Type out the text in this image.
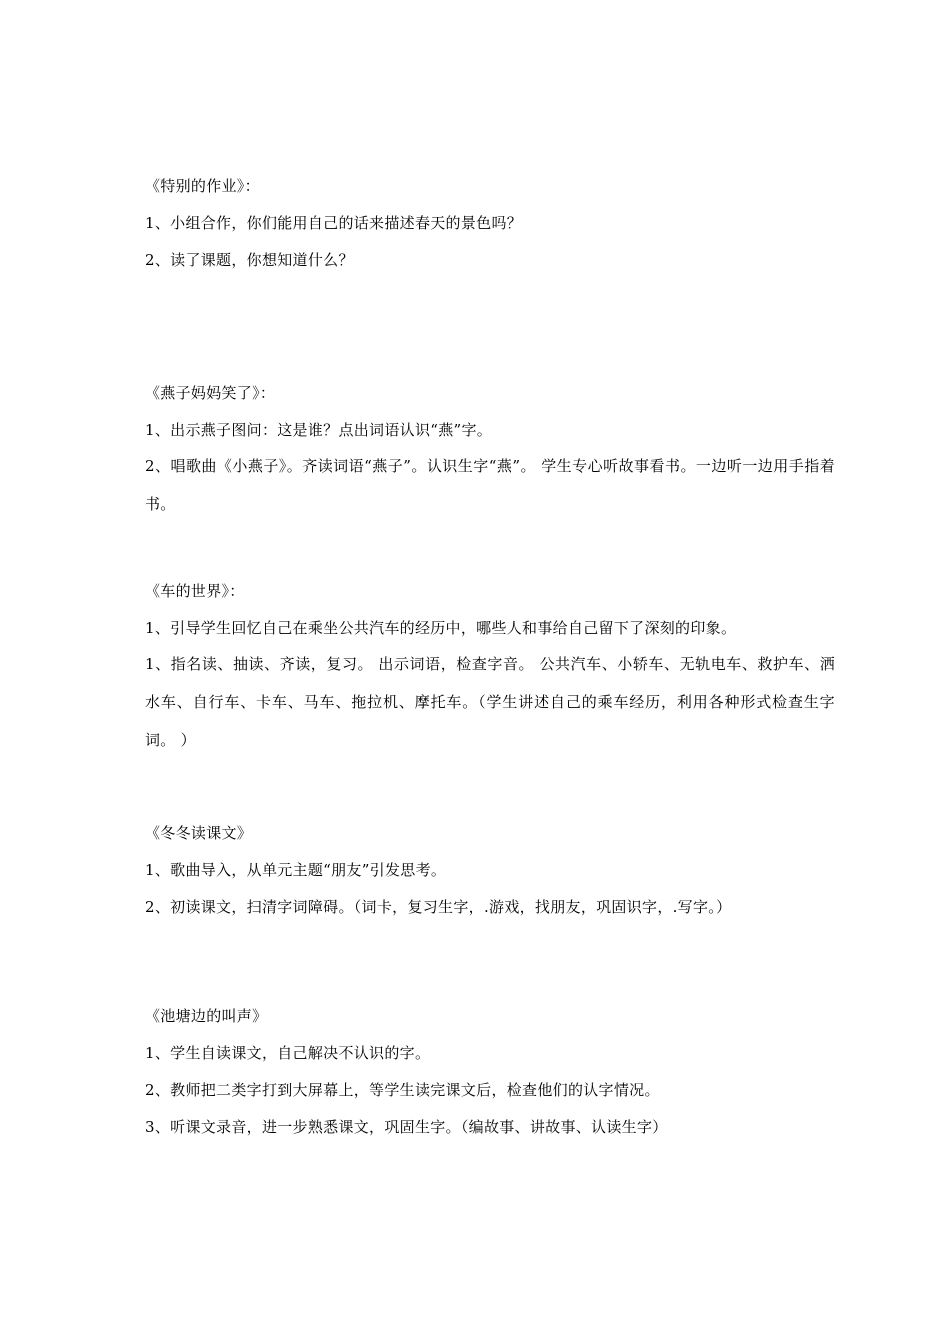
《特别的作业》：
1、小组合作，你们能用自己的话来描述春天的景色吗？
2、读了课题，你想知道什么？
《燕子妈妈笑了》：
1、出示燕子图问：这是谁？点出词语认识“燕”字。
2、唱歌曲《小燕子》。齐读词语“燕子”。认识生字“燕”。 学生专心听故事看书。一边听一边用手指着书。
《车的世界》：
1、引导学生回忆自己在乘坐公共汽车的经历中，哪些人和事给自己留下了深刻的印象。
1、指名读、抽读、齐读，复习。 出示词语，检查字音。 公共汽车、小轿车、无轨电车、救护车、洒水车、自行车、卡车、马车、拖拉机、摩托车。（学生讲述自己的乘车经历，利用各种形式检查生字词。 ）
《冬冬读课文》
1、歌曲导入，从单元主题“朋友”引发思考。
2、初读课文，扫清字词障碍。（词卡，复习生字，.游戏，找朋友，巩固识字，.写字。）
《池塘边的叫声》
1、学生自读课文，自己解决不认识的字。
2、教师把二类字打到大屏幕上，等学生读完课文后，检查他们的认字情况。
3、听课文录音，进一步熟悉课文，巩固生字。（编故事、讲故事、认读生字）
